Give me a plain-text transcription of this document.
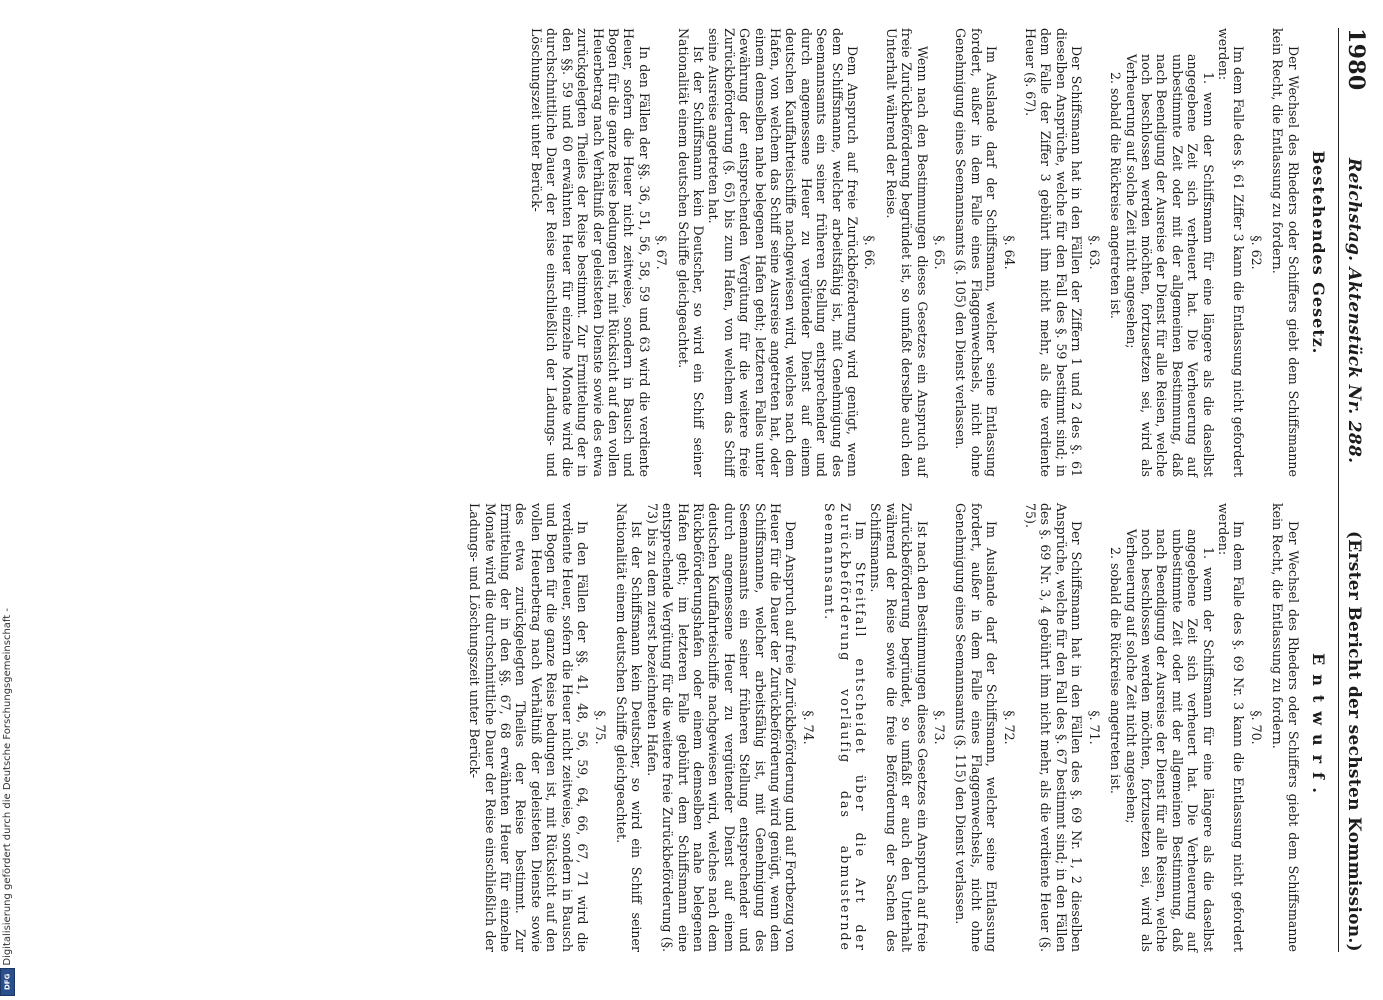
1980
Reichstag. Aktenstück Nr. 288.
(Erster Bericht der sechsten Kommission.)
Bestehendes Gesetz.

Der Wechsel des Rheders oder Schiffers giebt dem Schiffsmanne kein Recht, die Entlassung zu fordern.

§. 62.

Im dem Falle des §. 61 Ziffer 3 kann die Entlassung nicht gefordert werden:

1. wenn der Schiffsmann für eine längere als die daselbst angegebene Zeit sich verheuert hat. Die Verheuerung auf unbestimmte Zeit oder mit der allgemeinen Bestimmung, daß nach Beendigung der Ausreise der Dienst für alle Reisen, welche noch beschlossen werden möchten, fortzusetzen sei, wird als Verheuerung auf solche Zeit nicht angesehen;

2. sobald die Rückreise angetreten ist.

§. 63.

Der Schiffsmann hat in den Fällen der Ziffern 1 und 2 des §. 61 dieselben Ansprüche, welche für den Fall des §. 59 bestimmt sind; in dem Falle der Ziffer 3 gebührt ihm nicht mehr, als die verdiente Heuer (§. 67).

§. 64.

Im Auslande darf der Schiffsmann, welcher seine Entlassung fordert, außer in dem Falle eines Flaggenwechsels, nicht ohne Genehmigung eines Seemannsamts (§. 105) den Dienst verlassen.

§. 65.

Wenn nach den Bestimmungen dieses Gesetzes ein Anspruch auf freie Zurückbeförderung begründet ist, so umfaßt derselbe auch den Unterhalt während der Reise.

§. 66.

Dem Anspruch auf freie Zurückbeförderung wird genügt, wenn dem Schiffsmanne, welcher arbeitsfähig ist, mit Genehmigung des Seemannsamts ein seiner früheren Stellung entsprechender und durch angemessene Heuer zu vergütender Dienst auf einem deutschen Kauffahrteischiffe nachgewiesen wird, welches nach dem Hafen, von welchem das Schiff seine Ausreise angetreten hat, oder einem demselben nahe belegenen Hafen geht; letzteren Falles unter Gewährung der entsprechenden Vergütung für die weitere freie Zurückbeförderung (§. 65) bis zum Hafen, von welchem das Schiff seine Ausreise angetreten hat.

Ist der Schiffsmann kein Deutscher, so wird ein Schiff seiner Nationalität einem deutschen Schiffe gleichgeachtet.

§. 67.

In den Fällen der §§. 36, 51, 56, 58, 59 und 63 wird die verdiente Heuer, sofern die Heuer nicht zeitweise, sondern in Bausch und Bogen für die ganze Reise bedungen ist, mit Rücksicht auf den vollen Heuerbetrag nach Verhältniß der geleisteten Dienste sowie des etwa zurückgelegten Theiles der Reise bestimmt. Zur Ermittelung der in den §§. 59 und 60 erwähnten Heuer für einzelne Monate wird die durchschnittliche Dauer der Reise einschließlich der Ladungs- und Löschungszeit unter Berück-

Entwurf.

Der Wechsel des Rheders oder Schiffers giebt dem Schiffsmanne kein Recht, die Entlassung zu fordern.

§. 70.

Im dem Falle des §. 69 Nr. 3 kann die Entlassung nicht gefordert werden:

1. wenn der Schiffsmann für eine längere als die daselbst angegebene Zeit sich verheuert hat. Die Verheuerung auf unbestimmte Zeit oder mit der allgemeinen Bestimmung, daß nach Beendigung der Ausreise der Dienst für alle Reisen, welche noch beschlossen werden möchten, fortzusetzen sei, wird als Verheuerung auf solche Zeit nicht angesehen;

2. sobald die Rückreise angetreten ist.

§. 71.

Der Schiffsmann hat in den Fällen des §. 69 Nr. 1, 2 dieselben Ansprüche, welche für den Fall des §. 67 bestimmt sind; in den Fällen des §. 69 Nr. 3, 4 gebührt ihm nicht mehr, als die verdiente Heuer (§. 75).

§. 72.

Im Auslande darf der Schiffsmann, welcher seine Entlassung fordert, außer in dem Falle eines Flaggenwechsels, nicht ohne Genehmigung eines Seemannsamts (§. 115) den Dienst verlassen.

§. 73.

Ist nach den Bestimmungen dieses Gesetzes ein Anspruch auf freie Zurückbeförderung begründet, so umfaßt er auch den Unterhalt während der Reise sowie die freie Beförderung der Sachen des Schiffsmanns.

Im Streitfall entscheidet über die Art der Zurückbeförderung vorläufig das abmusternde Seemannsamt.

§. 74.

Dem Anspruch auf freie Zurückbeförderung und auf Fortbezug von Heuer für die Dauer der Zurückbeförderung wird genügt, wenn dem Schiffsmanne, welcher arbeitsfähig ist, mit Genehmigung des Seemannsamts ein seiner früheren Stellung entsprechender und durch angemessene Heuer zu vergütender Dienst auf einem deutschen Kauffahrteischiffe nachgewiesen wird, welches nach dem Rückbeförderungshafen oder einem demselben nahe belegenen Hafen geht; im letzteren Falle gebührt dem Schiffsmann eine entsprechende Vergütung für die weitere freie Zurückbeförderung (§. 73) bis zu dem zuerst bezeichneten Hafen.

Ist der Schiffsmann kein Deutscher, so wird ein Schiff seiner Nationalität einem deutschen Schiffe gleichgeachtet.

§. 75.

In den Fällen der §§. 41, 48, 56, 59, 64, 66, 67, 71 wird die verdiente Heuer, sofern die Heuer nicht zeitweise, sondern in Bausch und Bogen für die ganze Reise bedungen ist, mit Rücksicht auf den vollen Heuerbetrag nach Verhältniß der geleisteten Dienste sowie des etwa zurückgelegten Theiles der Reise bestimmt. Zur Ermittelung der in den §§. 67, 68 erwähnten Heuer für einzelne Monate wird die durchschnittliche Dauer der Reise einschließlich der Ladungs- und Löschungszeit unter Berück-

Digitalisierung gefördert durch die Deutsche Forschungsgemeinschaft -
DFG
